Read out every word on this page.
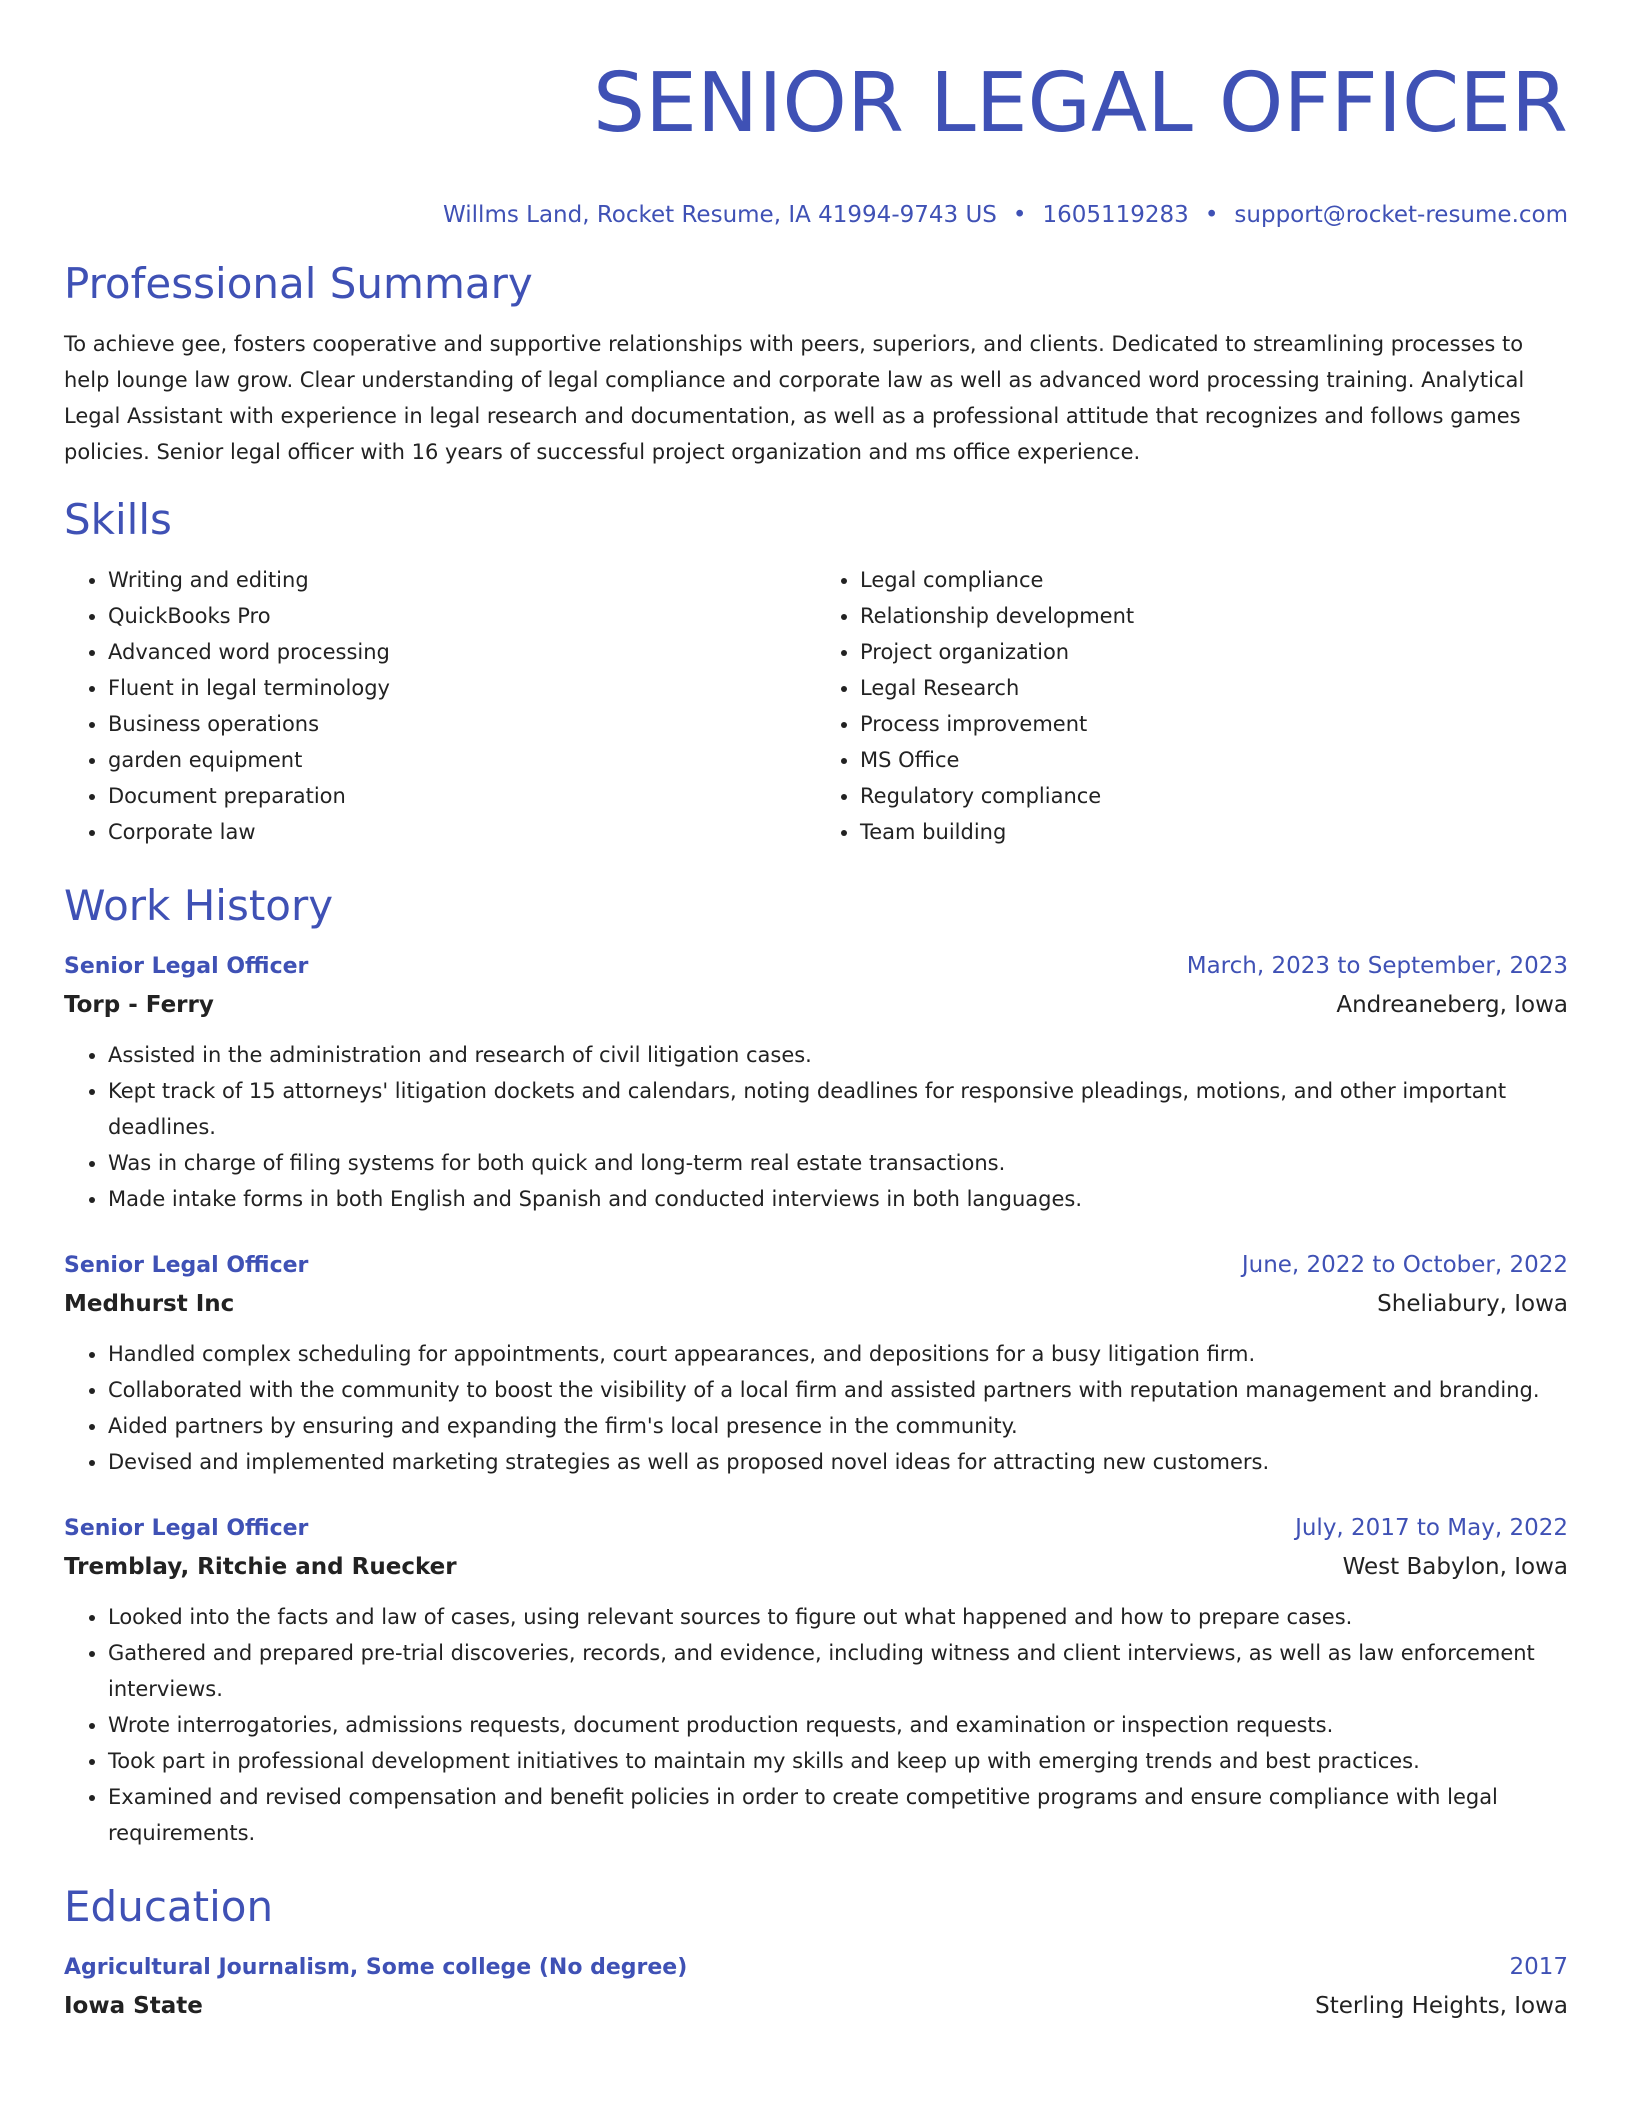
SENIOR LEGAL OFFICER
Willms Land, Rocket Resume, IA 41994-9743 US • 1605119283 • support@rocket-resume.com
Professional Summary

To achieve gee, fosters cooperative and supportive relationships with peers, superiors, and clients. Dedicated to streamlining processes to help lounge law grow. Clear understanding of legal compliance and corporate law as well as advanced word processing training. Analytical Legal Assistant with experience in legal research and documentation, as well as a professional attitude that recognizes and follows games policies. Senior legal officer with 16 years of successful project organization and ms office experience.

Skills
• Writing and editing
• QuickBooks Pro
• Advanced word processing
• Fluent in legal terminology
• Business operations
• garden equipment
• Document preparation
• Corporate law
• Legal compliance
• Relationship development
• Project organization
• Legal Research
• Process improvement
• MS Office
• Regulatory compliance
• Team building
Work History
Senior Legal Officer	March, 2023 to September, 2023
Torp - Ferry	Andreaneberg, Iowa
• Assisted in the administration and research of civil litigation cases.
• Kept track of 15 attorneys' litigation dockets and calendars, noting deadlines for responsive pleadings, motions, and other important deadlines.
• Was in charge of filing systems for both quick and long-term real estate transactions.
• Made intake forms in both English and Spanish and conducted interviews in both languages.
Senior Legal Officer	June, 2022 to October, 2022
Medhurst Inc	Sheliabury, Iowa
• Handled complex scheduling for appointments, court appearances, and depositions for a busy litigation firm.
• Collaborated with the community to boost the visibility of a local firm and assisted partners with reputation management and branding.
• Aided partners by ensuring and expanding the firm's local presence in the community.
• Devised and implemented marketing strategies as well as proposed novel ideas for attracting new customers.
Senior Legal Officer	July, 2017 to May, 2022
Tremblay, Ritchie and Ruecker	West Babylon, Iowa
• Looked into the facts and law of cases, using relevant sources to figure out what happened and how to prepare cases.
• Gathered and prepared pre-trial discoveries, records, and evidence, including witness and client interviews, as well as law enforcement interviews.
• Wrote interrogatories, admissions requests, document production requests, and examination or inspection requests.
• Took part in professional development initiatives to maintain my skills and keep up with emerging trends and best practices.
• Examined and revised compensation and benefit policies in order to create competitive programs and ensure compliance with legal requirements.
Education
Agricultural Journalism, Some college (No degree)	2017
Iowa State	Sterling Heights, Iowa
